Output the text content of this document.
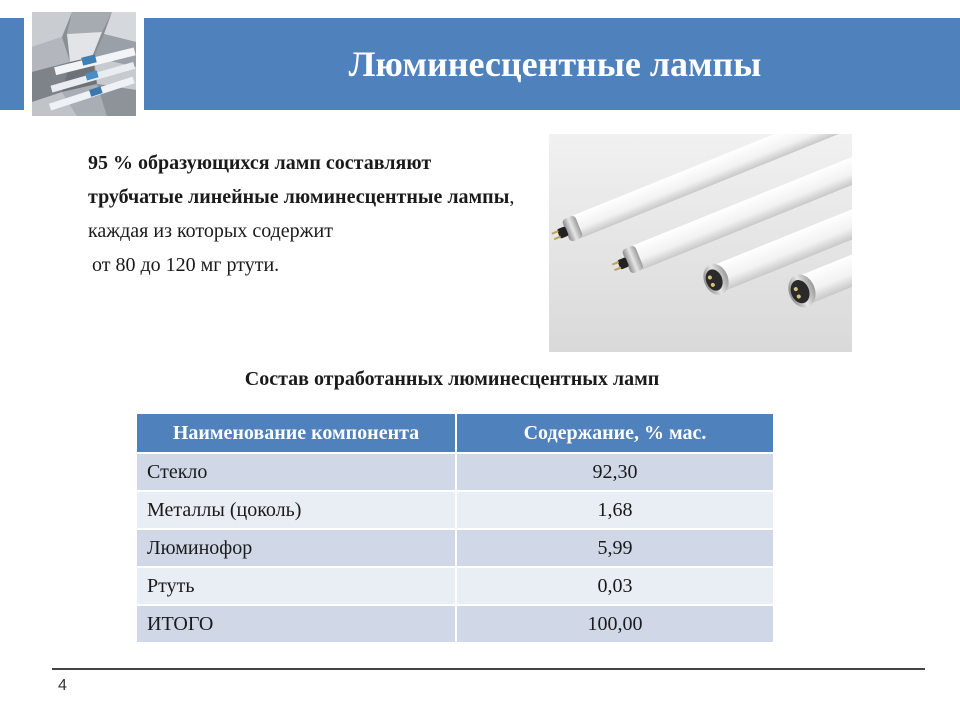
Люминесцентные лампы
95 % образующихся ламп составляют трубчатые линейные люминесцентные лампы, каждая из которых содержит
от 80 до 120 мг ртути.
Состав отработанных люминесцентных ламп
Наименование компонента	Содержание, % мас.
Стекло	92,30
Металлы (цоколь)	1,68
Люминофор	5,99
Ртуть	0,03
ИТОГО	100,00
4
